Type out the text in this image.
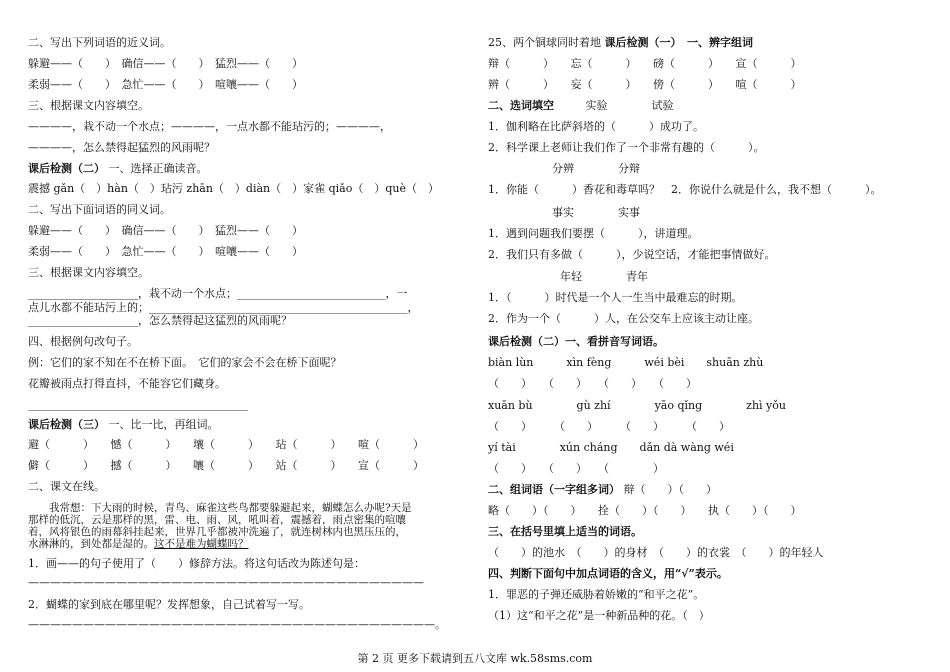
二、写出下列词语的近义词。
躲避——（　　）　确信——（　　）　猛烈——（　　）
柔弱——（　　）　急忙——（　　）　喧嚷——（　　）
三、根据课文内容填空。
————，栽不动一个水点；————，一点水都不能玷污的；————，
————，怎么禁得起猛烈的风雨呢？
课后检测（二） 一、选择正确读音。
震撼 gǎn（　）hàn（　）玷污 zhān（　）diàn（　）家雀 qiǎo（　）què（　）
二、写出下面词语的同义词。
躲避——（　　）　确信——（　　）　猛烈——（　　）
柔弱——（　　）　急忙——（　　）　喧嚷——（　　）
三、根据课文内容填空。
____________________，栽不动一个水点；___________________________，一
点儿水都不能玷污上的；_______________________________________________，
____________________，怎么禁得起这猛烈的风雨呢？
四、根据例句改句子。
例：它们的家不知在不在桥下面。　它们的家会不会在桥下面呢？
花瓣被雨点打得直抖，不能容它们藏身。
________________________________________
课后检测（三） 一、比一比，再组词。
避（　　　）　　憾（　　　）　　壤（　　　）　　玷（　　　）　　喧（　　　）
僻（　　　）　　撼（　　　）　　嚷（　　　）　　站（　　　）　　宣（　　　）
二、课文在线。
　　我常想：下大雨的时候，青鸟、麻雀这些鸟都要躲避起来，蝴蝶怎么办呢?天是
那样的低沉，云是那样的黑，雷、电、雨、风，吼叫着，震撼着，雨点密集的喧嚷
着，风将银色的雨幕斜挂起来，世界几乎都被冲洗遍了，就连树林内也黑压压的，
水淋淋的，到处都是湿的。这不是难为蝴蝶吗？
1．画——的句子使用了（　　）修辞方法。将这句话改为陈述句是：
————————————————————————————————————
2．蝴蝶的家到底在哪里呢？发挥想象，自己试着写一写。
—————————————————————————————————————。
25、两个铜球同时着地 课后检测（一）　一、辨字组词
辩（　　　）　　忘（　　　）　　磅（　　　）　　宣（　　　）
辨（　　　）　　妄（　　　）　　傍（　　　）　　喧（　　　）
二、选词填空	实验　　　　试验
1．伽利略在比萨斜塔的（　　　）成功了。
2．科学课上老师让我们作了一个非常有趣的（　　　）。
分辨　　　　分辩
1．你能（　　　）香花和毒草吗？　2．你说什么就是什么，我不想（　　　）。
事实　　　　实事
1．遇到问题我们要摆（　　　），讲道理。
2．我们只有多做（　　　），少说空话，才能把事情做好。
年轻　　　　青年
1．（　　　）时代是一个人一生当中最难忘的时期。
2．作为一个（　　　）人，在公交车上应该主动让座。
课后检测（二）一、看拼音写词语。
biàn lùn　　　xìn fèng　　　wéi bèi　　shuān zhù
（　　）　　（　　）　　（　　）　　（　　）
xuān bù　　　　gù zhí　　　　yāo qǐng　　　　zhì yǒu
（　　）　　　（　　）　　　（　　）　　　（　　）
yí tài　　　　xún cháng　　dǎn dà wàng wéi
（　　）　　（　　）　　（　　　　）
二、组词语（一字组多词） 辩（　　）（　　）
略（　　）（　　）　　拴（　　）（　　）　　执（　　）（　　）
三、在括号里填上适当的词语。
（　　）的池水　（　　）的身材　（　　）的衣裳　（　　）的年轻人
四、判断下面句中加点词语的含义，用“√”表示。
1．罪恶的子弹还威胁着娇嫩的“和平之花”。
（1）这“和平之花”是一种新品种的花。（　）
第 2 页 更多下载请到五八文库 wk.58sms.com
